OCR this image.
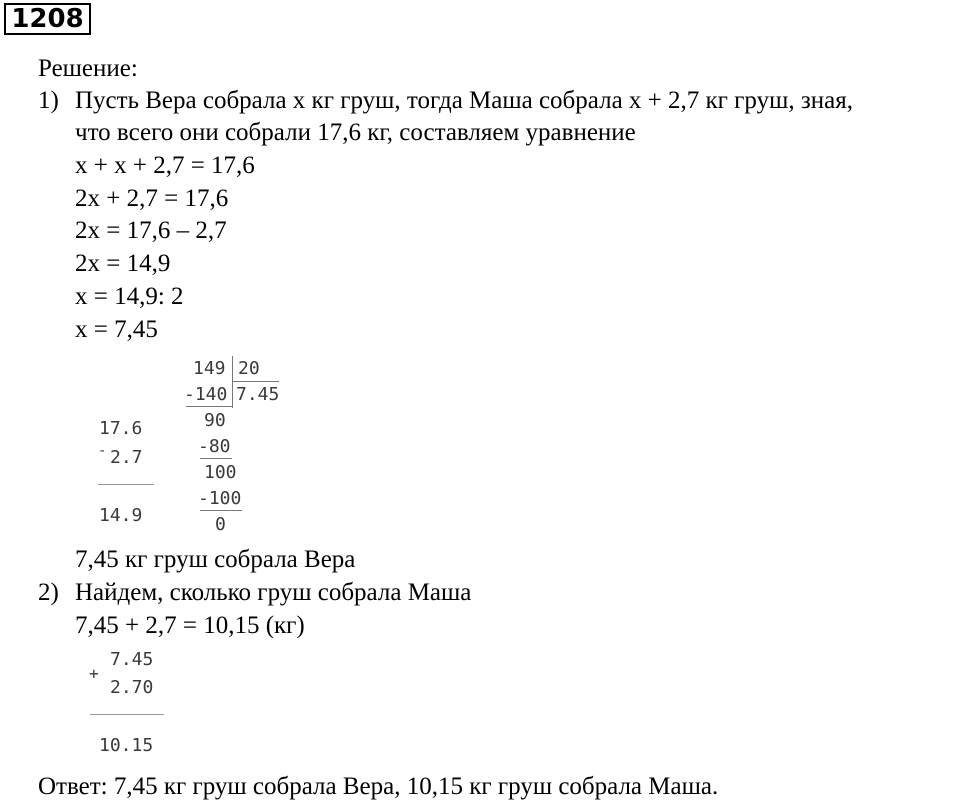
1208
Решение:
1) Пусть Вера собрала х кг груш, тогда Маша собрала х + 2,7 кг груш, зная,
что всего они собрали 17,6 кг, составляем уравнение
х + х + 2,7 = 17,6
2х + 2,7 = 17,6
2х = 17,6 – 2,7
2х = 14,9
х = 14,9: 2
х = 7,45
149 20
7.45
-140
90
-80
100
-100
0
17.6
- 2.7
14.9
7,45 кг груш собрала Вера
2) Найдем, сколько груш собрала Маша
7,45 + 2,7 = 10,15 (кг)
7.45
+
2.70
10.15
Ответ: 7,45 кг груш собрала Вера, 10,15 кг груш собрала Маша.
